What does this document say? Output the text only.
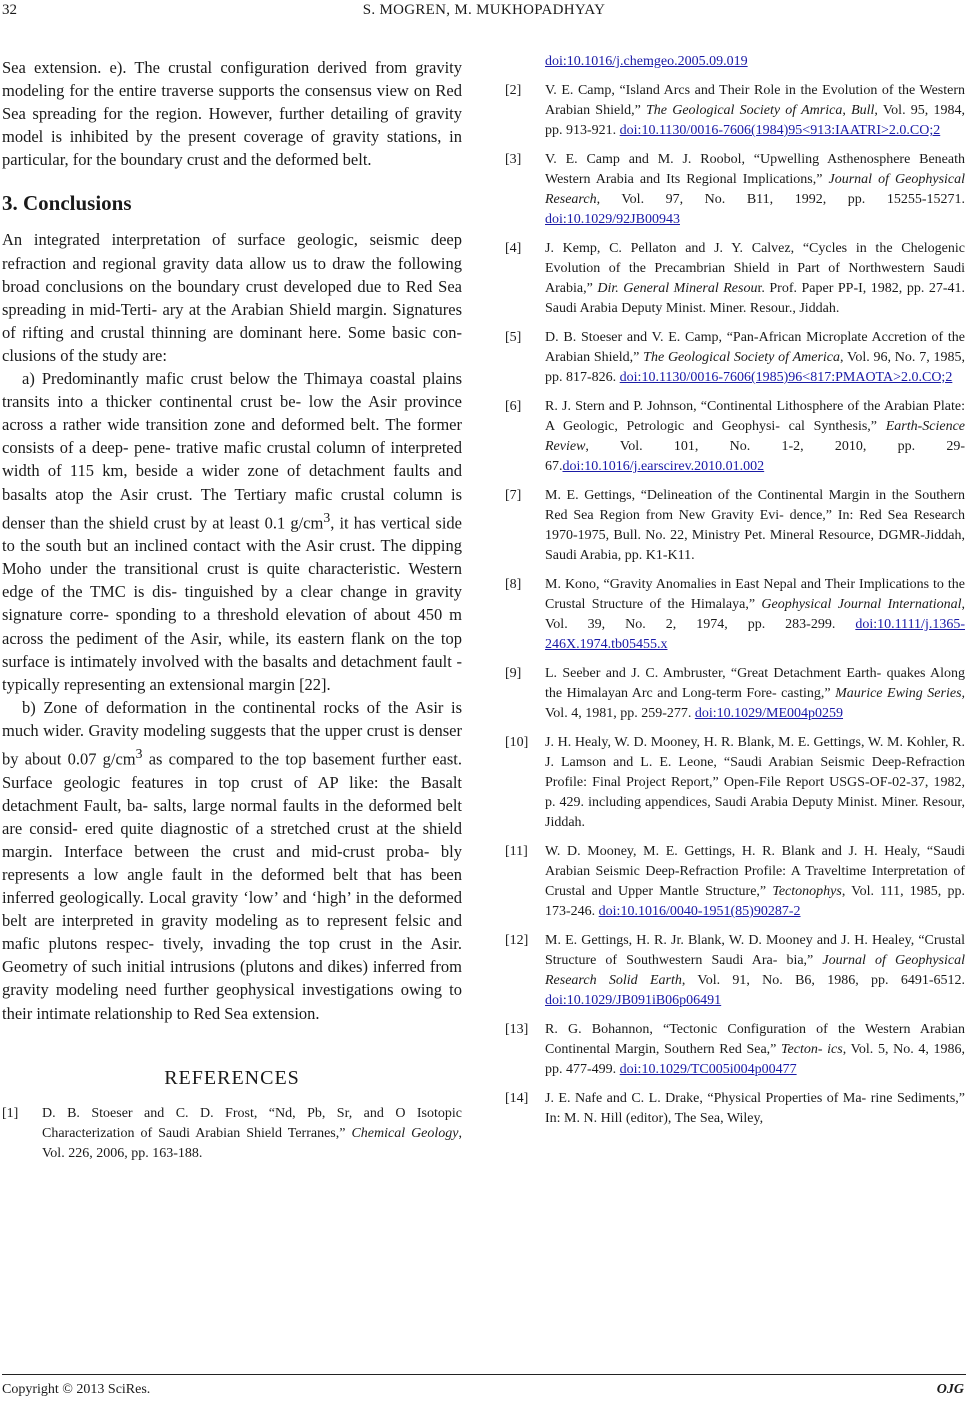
32	S. MOGREN, M. MUKHOPADHYAY

Sea extension. e). The crustal configuration derived from gravity modeling for the entire traverse supports the consensus view on Red Sea spreading for the region. However, further detailing of gravity model is inhibited by the present coverage of gravity stations, in particular, for the boundary crust and the deformed belt.

3. Conclusions

An integrated interpretation of surface geologic, seismic deep refraction and regional gravity data allow us to draw the following broad conclusions on the boundary crust developed due to Red Sea spreading in mid-Terti- ary at the Arabian Shield margin. Signatures of rifting and crustal thinning are dominant here. Some basic con- clusions of the study are:

a) Predominantly mafic crust below the Thimaya coastal plains transits into a thicker continental crust be- low the Asir province across a rather wide transition zone and deformed belt. The former consists of a deep- pene- trative mafic crustal column of interpreted width of 115 km, beside a wider zone of detachment faults and basalts atop the Asir crust. The Tertiary mafic crustal column is denser than the shield crust by at least 0.1 $g/cm^3$, it has vertical side to the south but an inclined contact with the Asir crust. The dipping Moho under the transitional crust is quite characteristic. Western edge of the TMC is dis- tinguished by a clear change in gravity signature corre- sponding to a threshold elevation of about 450 m across the pediment of the Asir, while, its eastern flank on the top surface is intimately involved with the basalts and detachment fault - typically representing an extensional margin [22].

b) Zone of deformation in the continental rocks of the Asir is much wider. Gravity modeling suggests that the upper crust is denser by about 0.07 $g/cm^3$ as compared to the top basement further east. Surface geologic features in top crust of AP like: the Basalt detachment Fault, ba- salts, large normal faults in the deformed belt are consid- ered quite diagnostic of a stretched crust at the shield margin. Interface between the crust and mid-crust proba- bly represents a low angle fault in the deformed belt that has been inferred geologically. Local gravity ‘low’ and ‘high’ in the deformed belt are interpreted in gravity modeling as to represent felsic and mafic plutons respec- tively, invading the top crust in the Asir. Geometry of such initial intrusions (plutons and dikes) inferred from gravity modeling need further geophysical investigations owing to their intimate relationship to Red Sea extension.

REFERENCES

[1] D. B. Stoeser and C. D. Frost, “Nd, Pb, Sr, and O Isotopic Characterization of Saudi Arabian Shield Terranes,” Chemical Geology, Vol. 226, 2006, pp. 163-188.

doi:10.1016/j.chemgeo.2005.09.019

[2] V. E. Camp, “Island Arcs and Their Role in the Evolution of the Western Arabian Shield,” The Geological Society of Amrica, Bull, Vol. 95, 1984, pp. 913-921. doi:10.1130/0016-7606(1984)95<913:IAATRI>2.0.CO;2

[3] V. E. Camp and M. J. Roobol, “Upwelling Asthenosphere Beneath Western Arabia and Its Regional Implications,” Journal of Geophysical Research, Vol. 97, No. B11, 1992, pp. 15255-15271. doi:10.1029/92JB00943

[4] J. Kemp, C. Pellaton and J. Y. Calvez, “Cycles in the Chelogenic Evolution of the Precambrian Shield in Part of Northwestern Saudi Arabia,” Dir. General Mineral Resour. Prof. Paper PP-I, 1982, pp. 27-41. Saudi Arabia Deputy Minist. Miner. Resour., Jiddah.

[5] D. B. Stoeser and V. E. Camp, “Pan-African Microplate Accretion of the Arabian Shield,” The Geological Society of America, Vol. 96, No. 7, 1985, pp. 817-826. doi:10.1130/0016-7606(1985)96<817:PMAOTA>2.0.CO;2

[6] R. J. Stern and P. Johnson, “Continental Lithosphere of the Arabian Plate: A Geologic, Petrologic and Geophysi- cal Synthesis,” Earth-Science Review, Vol. 101, No. 1-2, 2010, pp. 29-67.doi:10.1016/j.earscirev.2010.01.002

[7] M. E. Gettings, “Delineation of the Continental Margin in the Southern Red Sea Region from New Gravity Evi- dence,” In: Red Sea Research 1970-1975, Bull. No. 22, Ministry Pet. Mineral Resource, DGMR-Jiddah, Saudi Arabia, pp. K1-K11.

[8] M. Kono, “Gravity Anomalies in East Nepal and Their Implications to the Crustal Structure of the Himalaya,” Geophysical Journal International, Vol. 39, No. 2, 1974, pp. 283-299. doi:10.1111/j.1365-246X.1974.tb05455.x

[9] L. Seeber and J. C. Ambruster, “Great Detachment Earth- quakes Along the Himalayan Arc and Long-term Fore- casting,” Maurice Ewing Series, Vol. 4, 1981, pp. 259-277. doi:10.1029/ME004p0259

[10] J. H. Healy, W. D. Mooney, H. R. Blank, M. E. Gettings, W. M. Kohler, R. J. Lamson and L. E. Leone, “Saudi Arabian Seismic Deep-Refraction Profile: Final Project Report,” Open-File Report USGS-OF-02-37, 1982, p. 429. including appendices, Saudi Arabia Deputy Minist. Miner. Resour, Jiddah.

[11] W. D. Mooney, M. E. Gettings, H. R. Blank and J. H. Healy, “Saudi Arabian Seismic Deep-Refraction Profile: A Traveltime Interpretation of Crustal and Upper Mantle Structure,” Tectonophys, Vol. 111, 1985, pp. 173-246. doi:10.1016/0040-1951(85)90287-2

[12] M. E. Gettings, H. R. Jr. Blank, W. D. Mooney and J. H. Healey, “Crustal Structure of Southwestern Saudi Ara- bia,” Journal of Geophysical Research Solid Earth, Vol. 91, No. B6, 1986, pp. 6491-6512. doi:10.1029/JB091iB06p06491

[13] R. G. Bohannon, “Tectonic Configuration of the Western Arabian Continental Margin, Southern Red Sea,” Tecton- ics, Vol. 5, No. 4, 1986, pp. 477-499. doi:10.1029/TC005i004p00477

[14] J. E. Nafe and C. L. Drake, “Physical Properties of Ma- rine Sediments,” In: M. N. Hill (editor), The Sea, Wiley,

Copyright © 2013 SciRes.	OJG
